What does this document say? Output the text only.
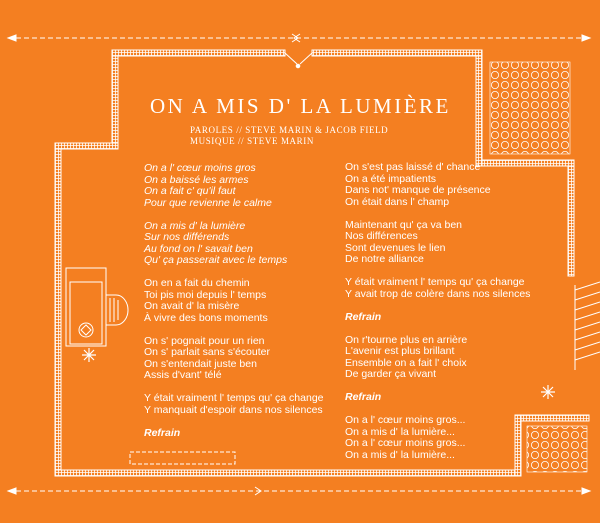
ON A MIS D' LA LUMIÈRE
PAROLES // STEVE MARIN & JACOB FIELD
MUSIQUE // STEVE MARIN
On a l' cœur moins gros
On a baissé les armes
On a fait c' qu'il faut
Pour que revienne le calme
On a mis d' la lumière
Sur nos différends
Au fond on l' savait ben
Qu' ça passerait avec le temps
On en a fait du chemin
Toi pis moi depuis l' temps
On avait d' la misère
À vivre des bons moments
On s' pognait pour un rien
On s' parlait sans s'écouter
On s'entendait juste ben
Assis d'vant' télé
Y était vraiment l' temps qu' ça change
Y manquait d'espoir dans nos silences
Refrain
On s'est pas laissé d' chance
On a été impatients
Dans not' manque de présence
On était dans l' champ
Maintenant qu' ça va ben
Nos différences
Sont devenues le lien
De notre alliance
Y était vraiment l' temps qu' ça change
Y avait trop de colère dans nos silences
Refrain
On r'tourne plus en arrière
L'avenir est plus brillant
Ensemble on a fait l' choix
De garder ça vivant
Refrain
On a l' cœur moins gros...
On a mis d' la lumière...
On a l' cœur moins gros...
On a mis d' la lumière...
